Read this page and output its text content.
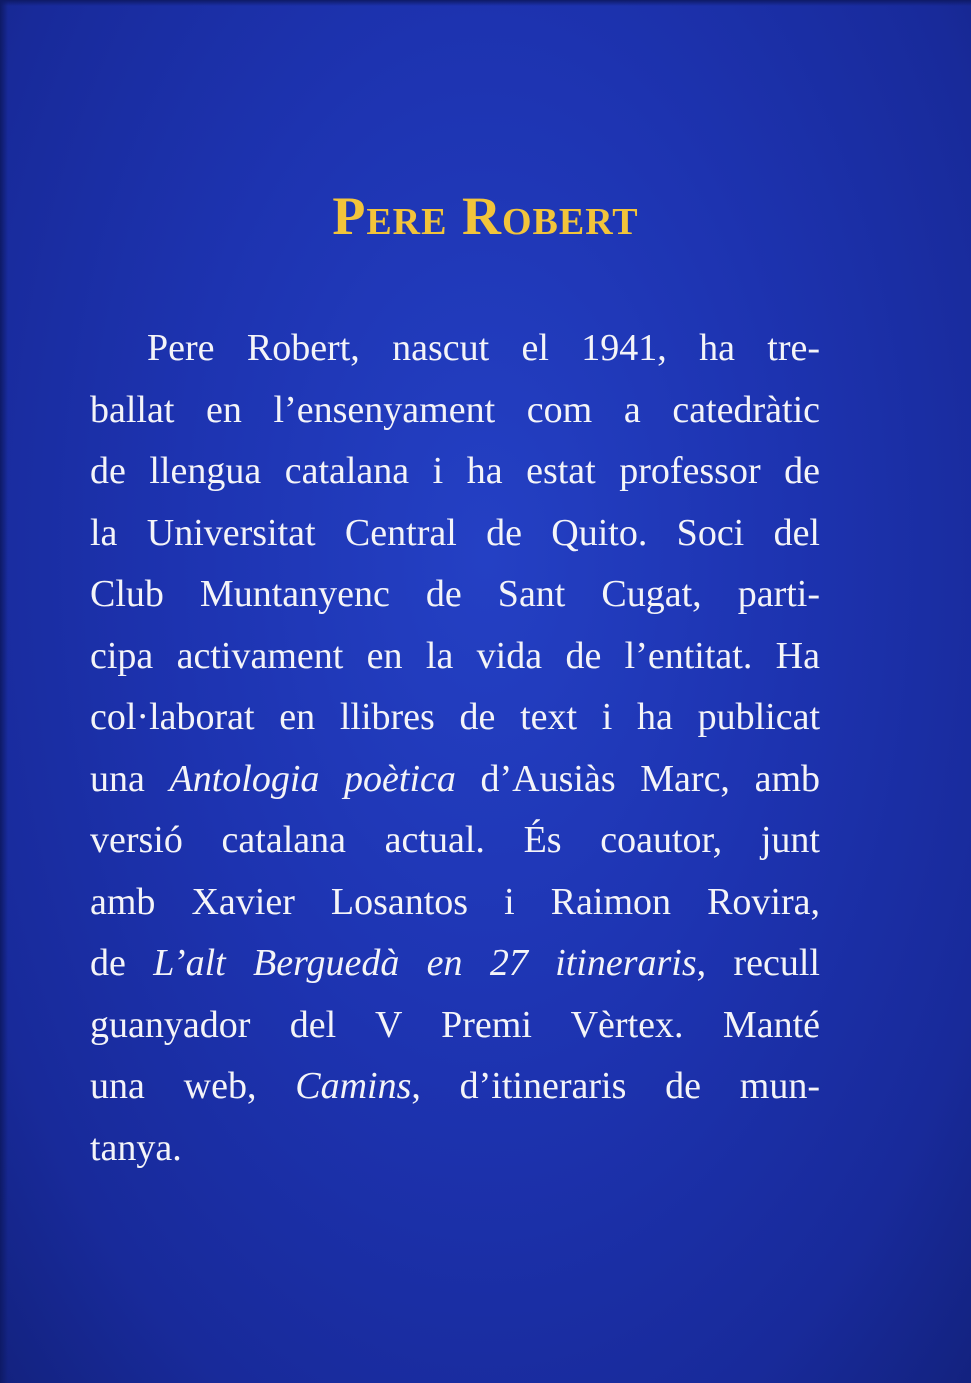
Pere Robert
Pere Robert, nascut el 1941, ha tre-
ballat en l’ensenyament com a catedràtic
de llengua catalana i ha estat professor de
la Universitat Central de Quito. Soci del
Club Muntanyenc de Sant Cugat, parti-
cipa activament en la vida de l’entitat. Ha
col·laborat en llibres de text i ha publicat
una Antologia poètica d’Ausiàs Marc, amb
versió catalana actual. És coautor, junt
amb Xavier Losantos i Raimon Rovira,
de L’alt Berguedà en 27 itineraris, recull
guanyador del V Premi Vèrtex. Manté
una web, Camins, d’itineraris de mun-
tanya.
